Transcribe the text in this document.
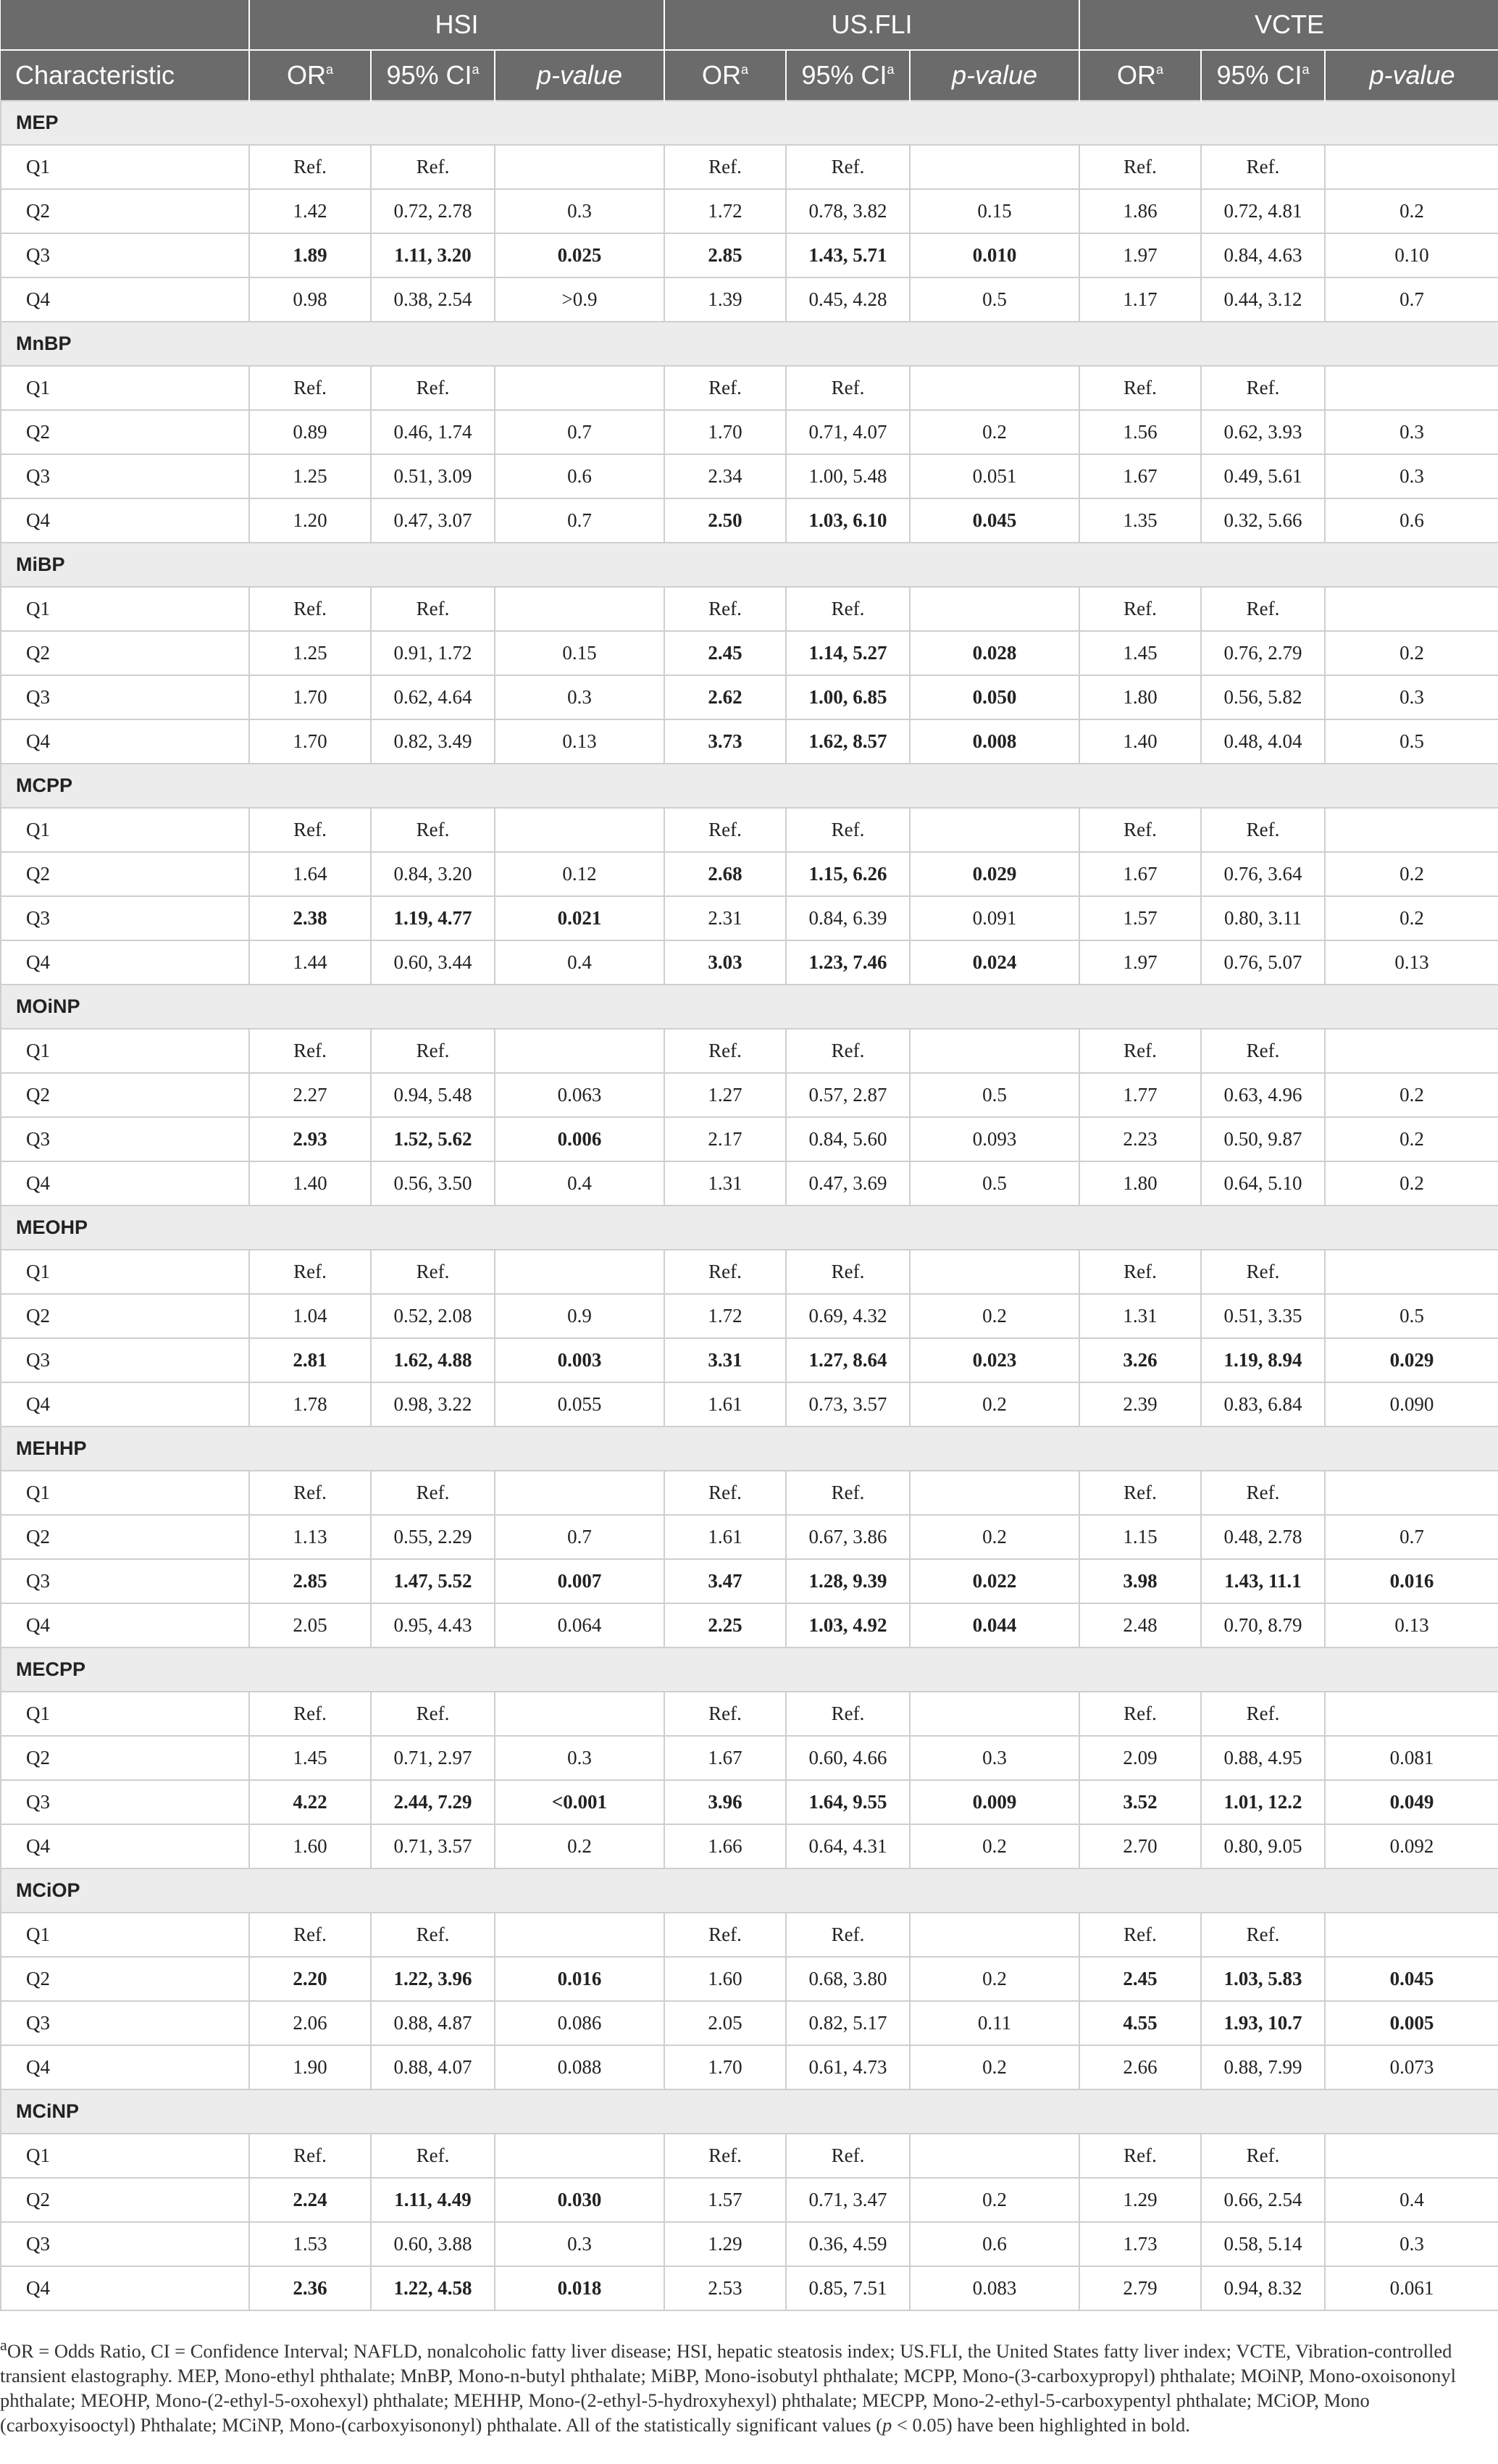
	HSI			US.FLI			VCTE		
Characteristic	$OR^a$	95% $CI^a$	p-value	$OR^a$	95% $CI^a$	p-value	$OR^a$	95% $CI^a$	p-value
MEP									
Q1	Ref.	Ref.		Ref.	Ref.		Ref.	Ref.	
Q2	1.42	0.72, 2.78	0.3	1.72	0.78, 3.82	0.15	1.86	0.72, 4.81	0.2
Q3	1.89	1.11, 3.20	0.025	2.85	1.43, 5.71	0.010	1.97	0.84, 4.63	0.10
Q4	0.98	0.38, 2.54	>0.9	1.39	0.45, 4.28	0.5	1.17	0.44, 3.12	0.7
MnBP									
Q1	Ref.	Ref.		Ref.	Ref.		Ref.	Ref.	
Q2	0.89	0.46, 1.74	0.7	1.70	0.71, 4.07	0.2	1.56	0.62, 3.93	0.3
Q3	1.25	0.51, 3.09	0.6	2.34	1.00, 5.48	0.051	1.67	0.49, 5.61	0.3
Q4	1.20	0.47, 3.07	0.7	2.50	1.03, 6.10	0.045	1.35	0.32, 5.66	0.6
MiBP									
Q1	Ref.	Ref.		Ref.	Ref.		Ref.	Ref.	
Q2	1.25	0.91, 1.72	0.15	2.45	1.14, 5.27	0.028	1.45	0.76, 2.79	0.2
Q3	1.70	0.62, 4.64	0.3	2.62	1.00, 6.85	0.050	1.80	0.56, 5.82	0.3
Q4	1.70	0.82, 3.49	0.13	3.73	1.62, 8.57	0.008	1.40	0.48, 4.04	0.5
MCPP									
Q1	Ref.	Ref.		Ref.	Ref.		Ref.	Ref.	
Q2	1.64	0.84, 3.20	0.12	2.68	1.15, 6.26	0.029	1.67	0.76, 3.64	0.2
Q3	2.38	1.19, 4.77	0.021	2.31	0.84, 6.39	0.091	1.57	0.80, 3.11	0.2
Q4	1.44	0.60, 3.44	0.4	3.03	1.23, 7.46	0.024	1.97	0.76, 5.07	0.13
MOiNP									
Q1	Ref.	Ref.		Ref.	Ref.		Ref.	Ref.	
Q2	2.27	0.94, 5.48	0.063	1.27	0.57, 2.87	0.5	1.77	0.63, 4.96	0.2
Q3	2.93	1.52, 5.62	0.006	2.17	0.84, 5.60	0.093	2.23	0.50, 9.87	0.2
Q4	1.40	0.56, 3.50	0.4	1.31	0.47, 3.69	0.5	1.80	0.64, 5.10	0.2
MEOHP									
Q1	Ref.	Ref.		Ref.	Ref.		Ref.	Ref.	
Q2	1.04	0.52, 2.08	0.9	1.72	0.69, 4.32	0.2	1.31	0.51, 3.35	0.5
Q3	2.81	1.62, 4.88	0.003	3.31	1.27, 8.64	0.023	3.26	1.19, 8.94	0.029
Q4	1.78	0.98, 3.22	0.055	1.61	0.73, 3.57	0.2	2.39	0.83, 6.84	0.090
MEHHP									
Q1	Ref.	Ref.		Ref.	Ref.		Ref.	Ref.	
Q2	1.13	0.55, 2.29	0.7	1.61	0.67, 3.86	0.2	1.15	0.48, 2.78	0.7
Q3	2.85	1.47, 5.52	0.007	3.47	1.28, 9.39	0.022	3.98	1.43, 11.1	0.016
Q4	2.05	0.95, 4.43	0.064	2.25	1.03, 4.92	0.044	2.48	0.70, 8.79	0.13
MECPP									
Q1	Ref.	Ref.		Ref.	Ref.		Ref.	Ref.	
Q2	1.45	0.71, 2.97	0.3	1.67	0.60, 4.66	0.3	2.09	0.88, 4.95	0.081
Q3	4.22	2.44, 7.29	<0.001	3.96	1.64, 9.55	0.009	3.52	1.01, 12.2	0.049
Q4	1.60	0.71, 3.57	0.2	1.66	0.64, 4.31	0.2	2.70	0.80, 9.05	0.092
MCiOP									
Q1	Ref.	Ref.		Ref.	Ref.		Ref.	Ref.	
Q2	2.20	1.22, 3.96	0.016	1.60	0.68, 3.80	0.2	2.45	1.03, 5.83	0.045
Q3	2.06	0.88, 4.87	0.086	2.05	0.82, 5.17	0.11	4.55	1.93, 10.7	0.005
Q4	1.90	0.88, 4.07	0.088	1.70	0.61, 4.73	0.2	2.66	0.88, 7.99	0.073
MCiNP									
Q1	Ref.	Ref.		Ref.	Ref.		Ref.	Ref.	
Q2	2.24	1.11, 4.49	0.030	1.57	0.71, 3.47	0.2	1.29	0.66, 2.54	0.4
Q3	1.53	0.60, 3.88	0.3	1.29	0.36, 4.59	0.6	1.73	0.58, 5.14	0.3
Q4	2.36	1.22, 4.58	0.018	2.53	0.85, 7.51	0.083	2.79	0.94, 8.32	0.061
$^a$OR = Odds Ratio, CI = Confidence Interval; NAFLD, nonalcoholic fatty liver disease; HSI, hepatic steatosis index; US.FLI, the United States fatty liver index; VCTE, Vibration-controlled transient elastography. MEP, Mono-ethyl phthalate; MnBP, Mono-n-butyl phthalate; MiBP, Mono-isobutyl phthalate; MCPP, Mono-(3-carboxypropyl) phthalate; MOiNP, Mono-oxoisononyl phthalate; MEOHP, Mono-(2-ethyl-5-oxohexyl) phthalate; MEHHP, Mono-(2-ethyl-5-hydroxyhexyl) phthalate; MECPP, Mono-2-ethyl-5-carboxypentyl phthalate; MCiOP, Mono (carboxyisooctyl) Phthalate; MCiNP, Mono-(carboxyisononyl) phthalate. All of the statistically significant values (p < 0.05) have been highlighted in bold.
